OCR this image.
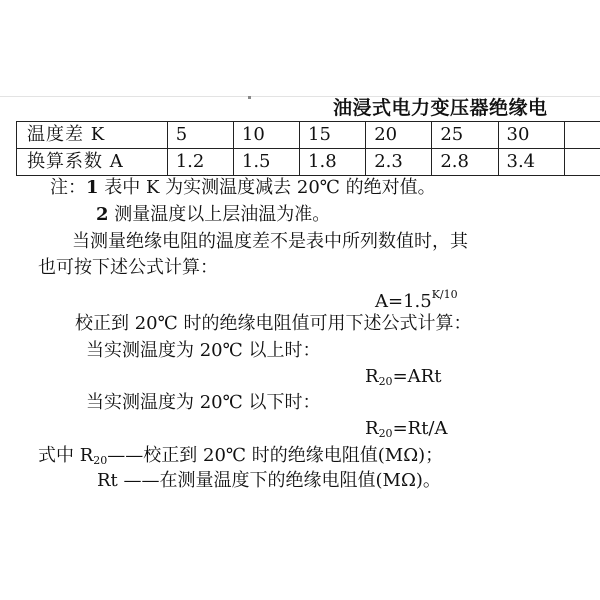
油浸式电力变压器绝缘电
温度差 K	5	10	15	20	25	30	
换算系数 A	1.2	1.5	1.8	2.3	2.8	3.4	
注：1 表中 K 为实测温度减去 20℃ 的绝对值。
2 测量温度以上层油温为准。
当测量绝缘电阻的温度差不是表中所列数值时，其
也可按下述公式计算：
$A=1.5^{K/10}$
校正到 20℃ 时的绝缘电阻值可用下述公式计算：
当实测温度为 20℃ 以上时：
$R_{20}=ARt$
当实测温度为 20℃ 以下时：
$R_{20}=Rt/A$
式中 $R_{20}——$校正到 20℃ 时的绝缘电阻值(MΩ)；
Rt ——在测量温度下的绝缘电阻值(MΩ)。
